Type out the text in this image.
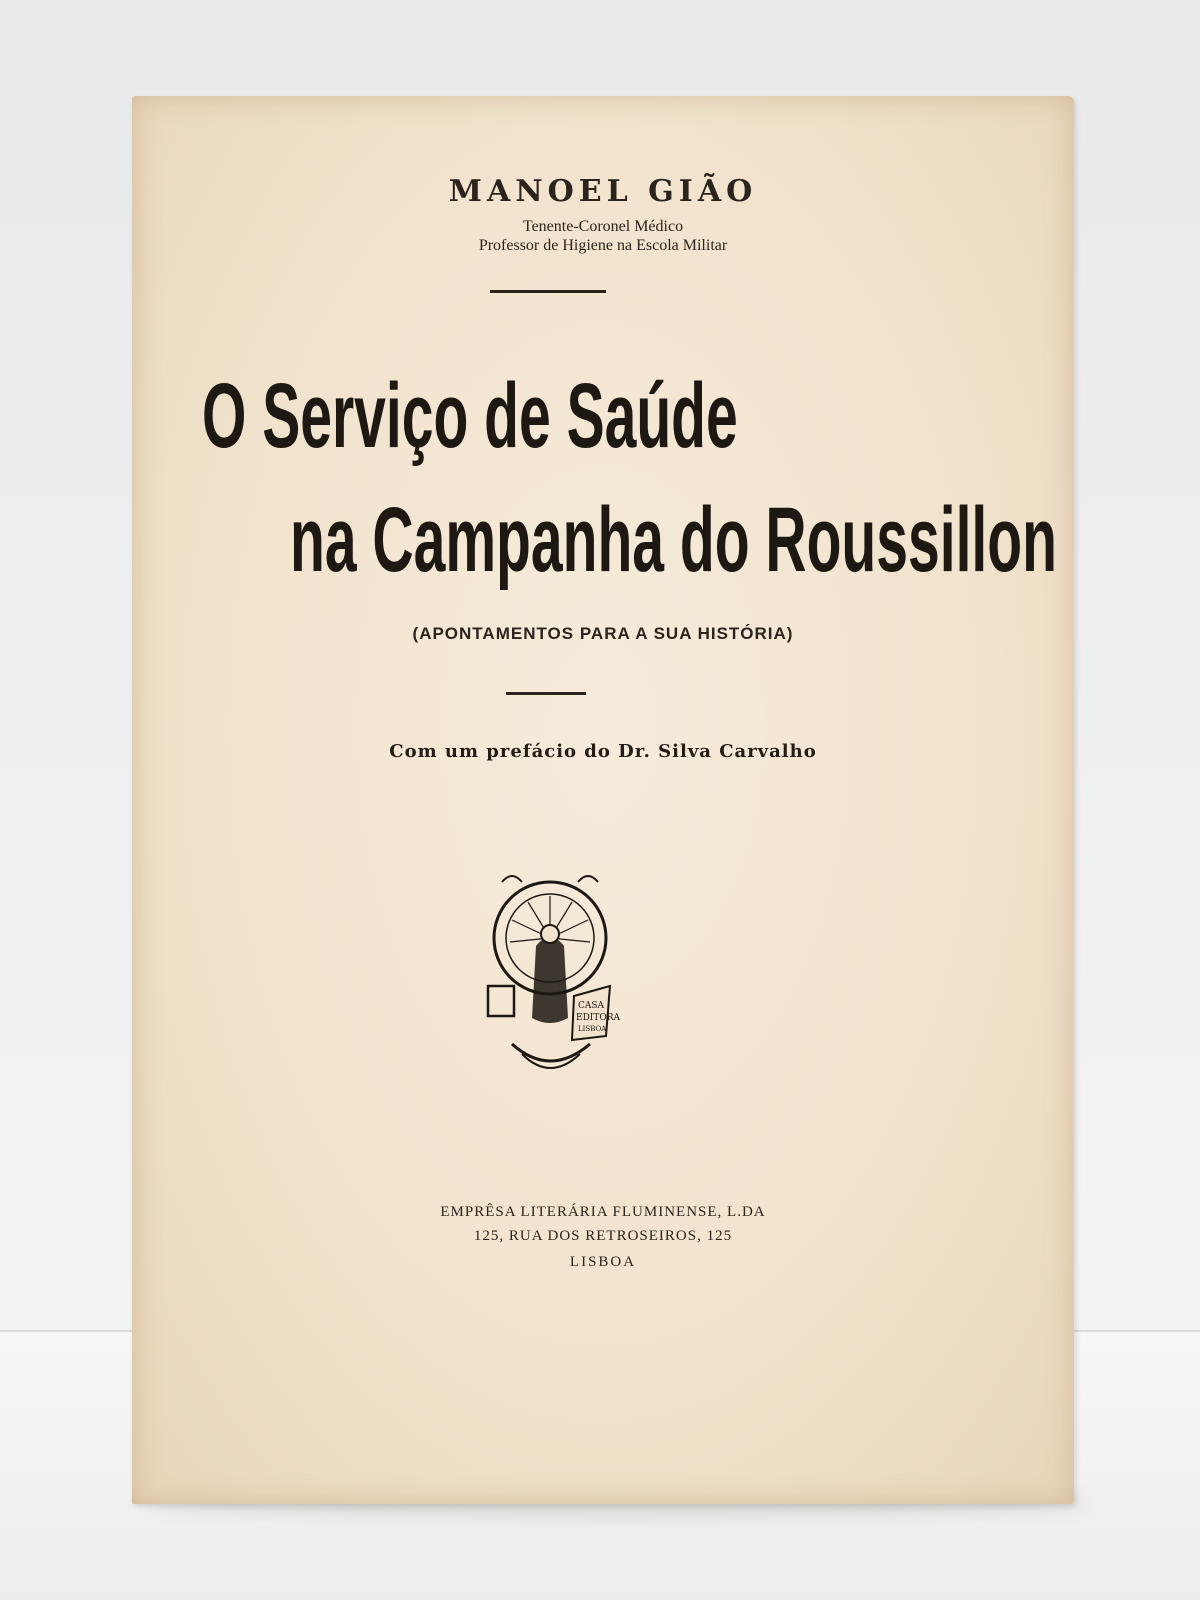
MANOEL GIÃO

Tenente-Coronel Médico

Professor de Higiene na Escola Militar

O Serviço de Saúde

na Campanha do Roussillon

(APONTAMENTOS PARA A SUA HISTÓRIA)

Com um prefácio do Dr. Silva Carvalho

CASA
EDITORA
LISBOA

EMPRÊSA LITERÁRIA FLUMINENSE, L.DA

125, RUA DOS RETROSEIROS, 125

LISBOA
